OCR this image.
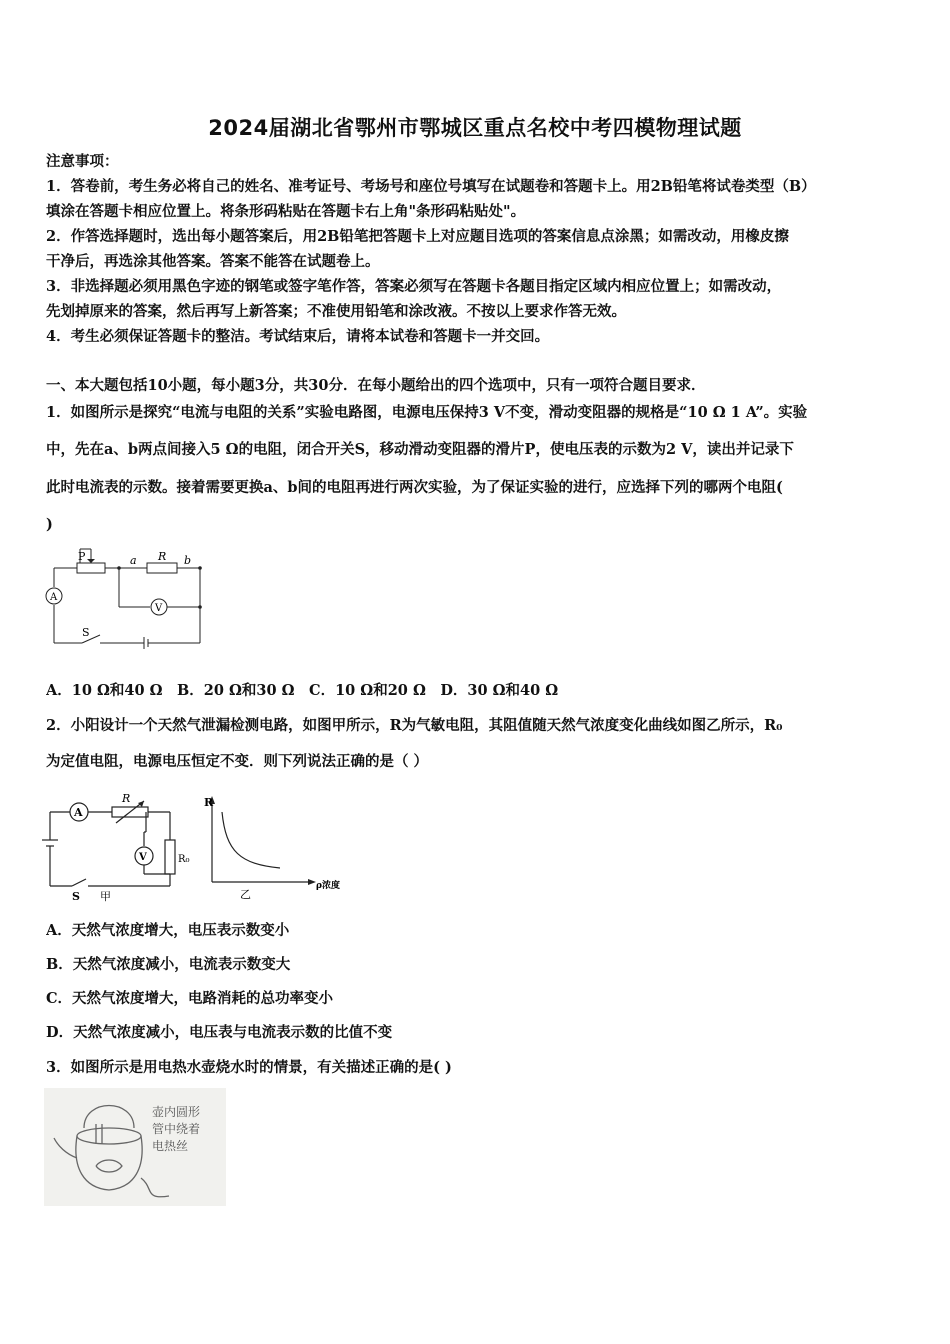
2024届湖北省鄂州市鄂城区重点名校中考四模物理试题
注意事项：
1．答卷前，考生务必将自己的姓名、准考证号、考场号和座位号填写在试题卷和答题卡上。用2B铅笔将试卷类型（B）
填涂在答题卡相应位置上。将条形码粘贴在答题卡右上角"条形码粘贴处"。
2．作答选择题时，选出每小题答案后，用2B铅笔把答题卡上对应题目选项的答案信息点涂黑；如需改动，用橡皮擦
干净后，再选涂其他答案。答案不能答在试题卷上。
3．非选择题必须用黑色字迹的钢笔或签字笔作答，答案必须写在答题卡各题目指定区域内相应位置上；如需改动，
先划掉原来的答案，然后再写上新答案；不准使用铅笔和涂改液。不按以上要求作答无效。
4．考生必须保证答题卡的整洁。考试结束后，请将本试卷和答题卡一并交回。
一、本大题包括10小题，每小题3分，共30分．在每小题给出的四个选项中，只有一项符合题目要求．
1．如图所示是探究“电流与电阻的关系”实验电路图，电源电压保持3 V不变，滑动变阻器的规格是“10 Ω 1 A”。实验
中，先在a、b两点间接入5 Ω的电阻，闭合开关S，移动滑动变阻器的滑片P，使电压表的示数为2 V，读出并记录下
此时电流表的示数。接着需要更换a、b间的电阻再进行两次实验，为了保证实验的进行，应选择下列的哪两个电阻(
)
P	a R b
A
V
S
A．10 Ω和40 Ω　B．20 Ω和30 Ω　C．10 Ω和20 Ω　D．30 Ω和40 Ω
2．小阳设计一个天然气泄漏检测电路，如图甲所示，R为气敏电阻，其阻值随天然气浓度变化曲线如图乙所示，R₀
为定值电阻，电源电压恒定不变．则下列说法正确的是（ ）
A
R
V	R₀
S 甲
R
乙
ρ浓度
A．天然气浓度增大，电压表示数变小
B．天然气浓度减小，电流表示数变大
C．天然气浓度增大，电路消耗的总功率变小
D．天然气浓度减小，电压表与电流表示数的比值不变
3．如图所示是用电热水壶烧水时的情景，有关描述正确的是( )
壶内圆形
管中绕着
电热丝
